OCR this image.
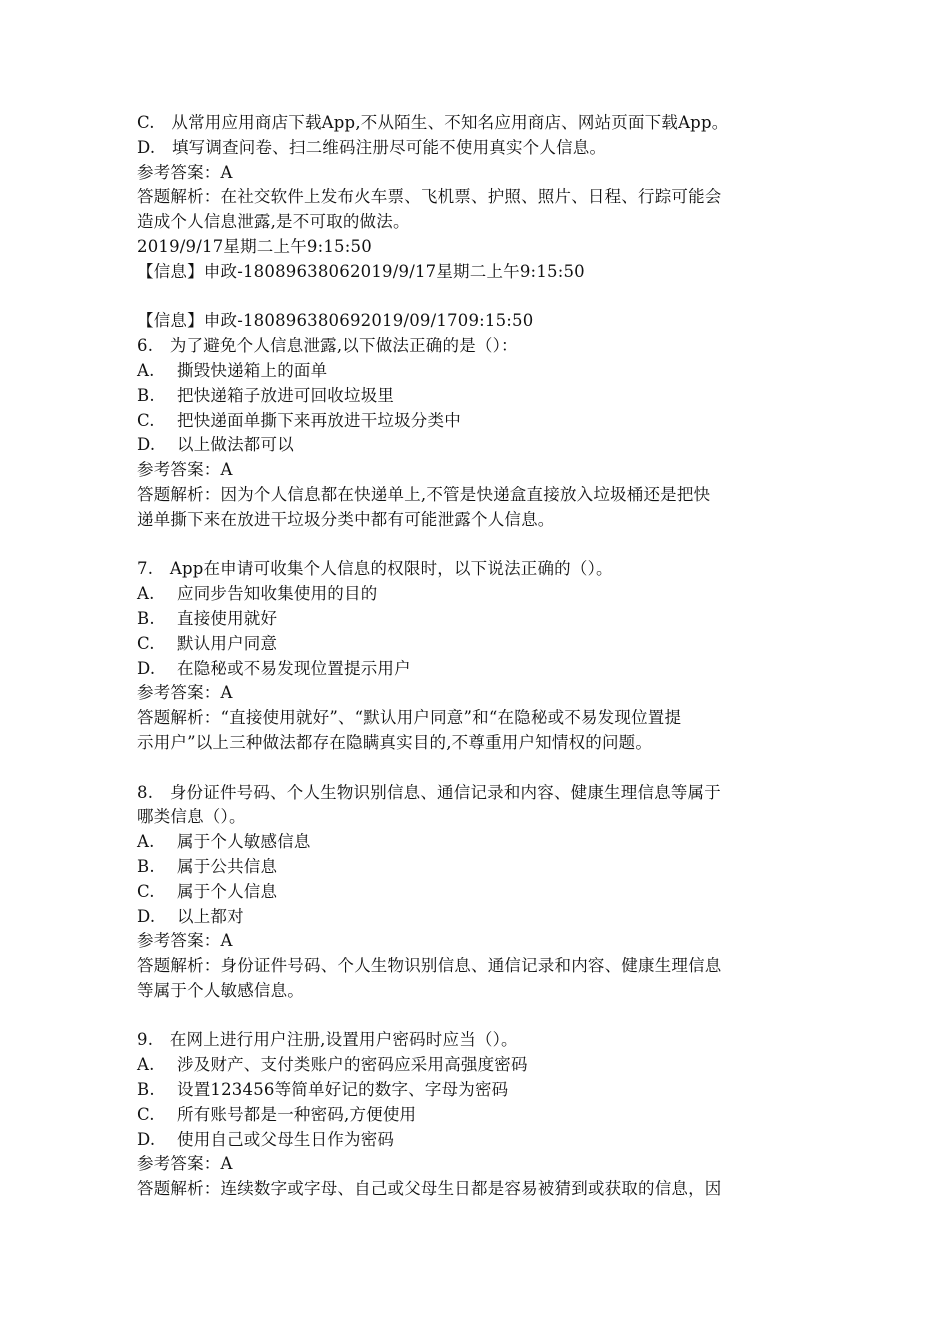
C.　从常用应用商店下载App,不从陌生、不知名应用商店、网站页面下载App。
D.　填写调查问卷、扫二维码注册尽可能不使用真实个人信息。
参考答案：A
答题解析：在社交软件上发布火车票、飞机票、护照、照片、日程、行踪可能会
造成个人信息泄露,是不可取的做法。
2019/9/17星期二上午9:15:50
【信息】申政-18089638062019/9/17星期二上午9:15:50
【信息】申政-180896380692019/09/1709:15:50
6.　为了避免个人信息泄露,以下做法正确的是（）：
A.	撕毁快递箱上的面单
B.	把快递箱子放进可回收垃圾里
C.	把快递面单撕下来再放进干垃圾分类中
D.	以上做法都可以
参考答案：A
答题解析：因为个人信息都在快递单上,不管是快递盒直接放入垃圾桶还是把快
递单撕下来在放进干垃圾分类中都有可能泄露个人信息。
7.　App在申请可收集个人信息的权限时，以下说法正确的（）。
A.	应同步告知收集使用的目的
B.	直接使用就好
C.	默认用户同意
D.	在隐秘或不易发现位置提示用户
参考答案：A
答题解析：“直接使用就好”、“默认用户同意”和“在隐秘或不易发现位置提
示用户”以上三种做法都存在隐瞒真实目的,不尊重用户知情权的问题。
8.　身份证件号码、个人生物识别信息、通信记录和内容、健康生理信息等属于
哪类信息（）。
A.	属于个人敏感信息
B.	属于公共信息
C.	属于个人信息
D.	以上都对
参考答案：A
答题解析：身份证件号码、个人生物识别信息、通信记录和内容、健康生理信息
等属于个人敏感信息。
9.　在网上进行用户注册,设置用户密码时应当（）。
A.	涉及财产、支付类账户的密码应采用高强度密码
B.	设置123456等简单好记的数字、字母为密码
C.	所有账号都是一种密码,方便使用
D.	使用自己或父母生日作为密码
参考答案：A
答题解析：连续数字或字母、自己或父母生日都是容易被猜到或获取的信息，因
